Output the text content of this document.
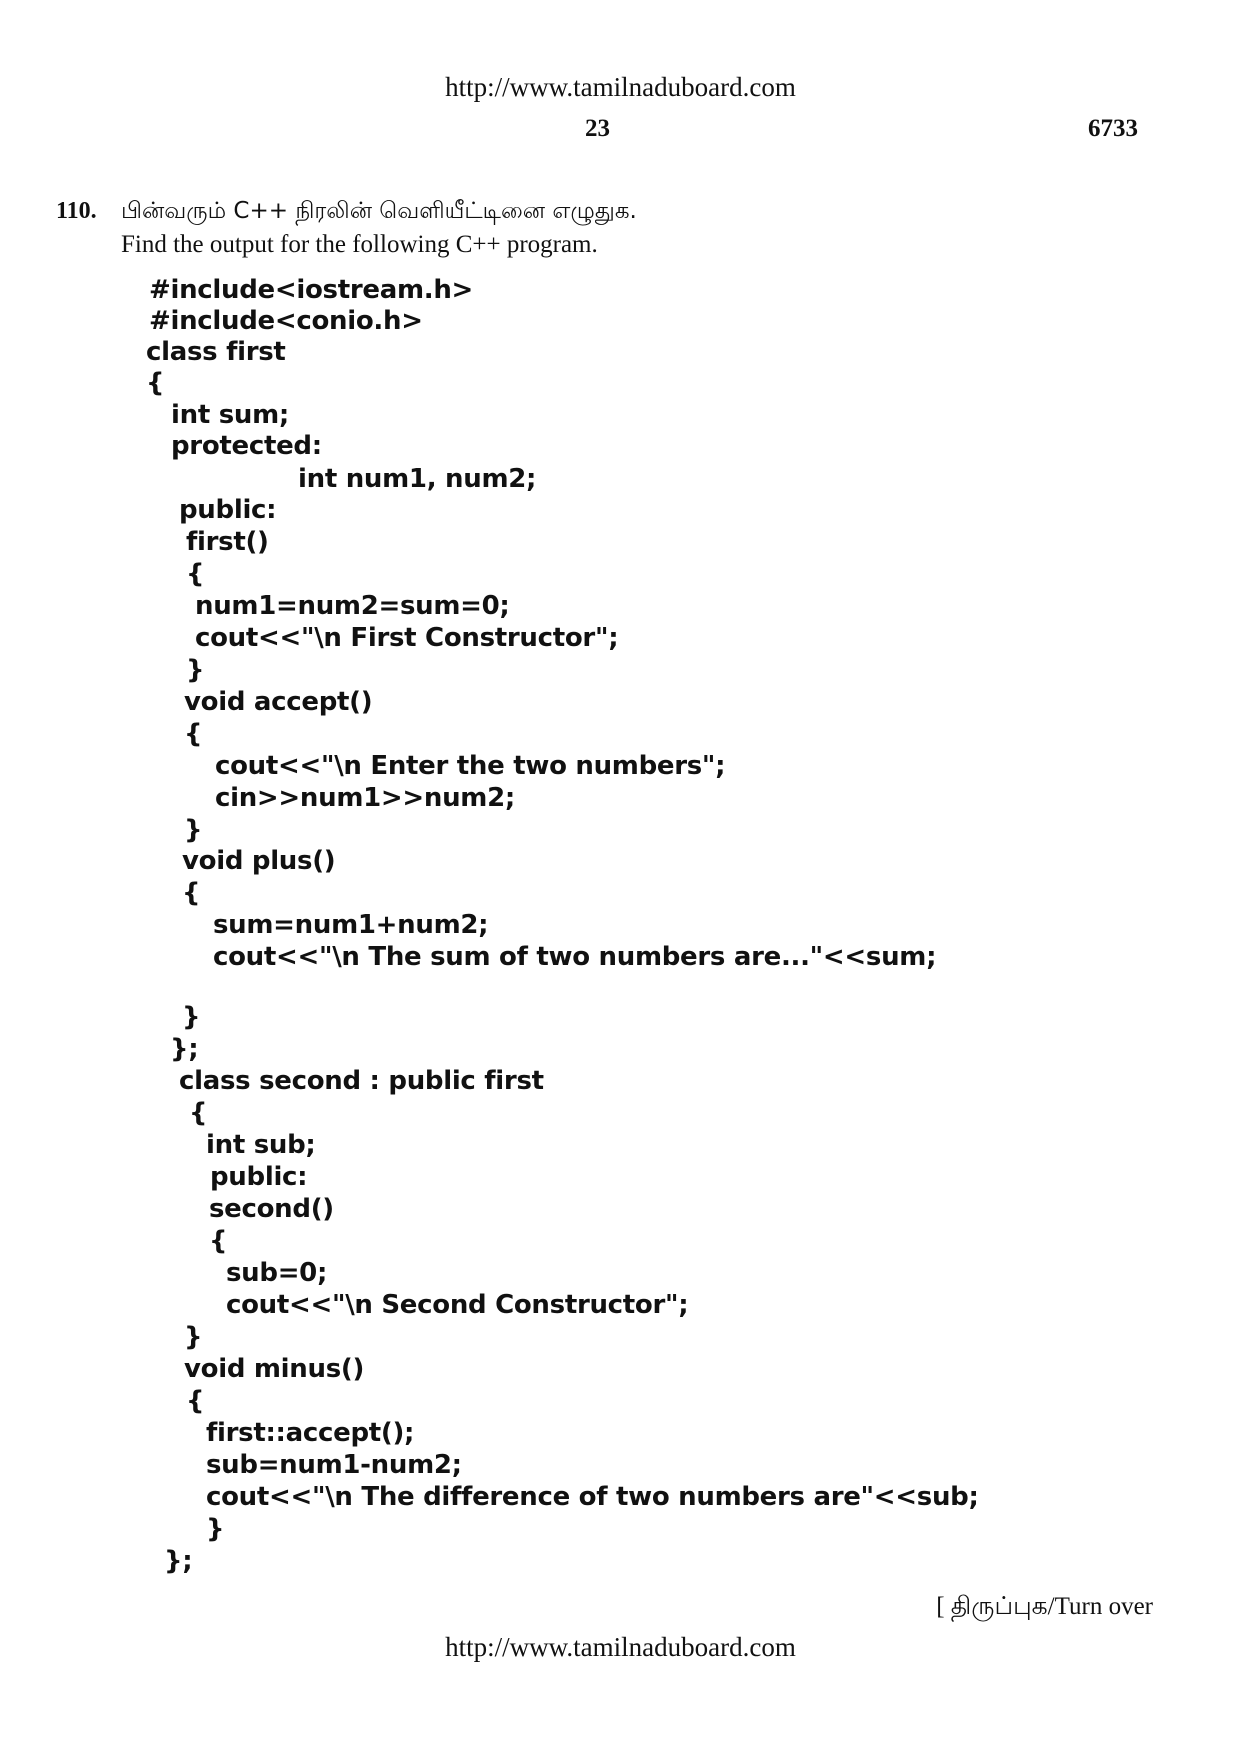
http://www.tamilnaduboard.com
23	6733
110. பின்வரும் C++ நிரலின் வெளியீட்டினை எழுதுக.
Find the output for the following C++ program.
#include<iostream.h>
#include<conio.h>
class first
{
int sum;
protected:
int num1, num2;
public:
first()
{
num1=num2=sum=0;
cout<<"\n First Constructor";
}
void accept()
{
cout<<"\n Enter the two numbers";
cin>>num1>>num2;
}
void plus()
{
sum=num1+num2;
cout<<"\n The sum of two numbers are..."<<sum;
}
};
class second : public first
{
int sub;
public:
second()
{
sub=0;
cout<<"\n Second Constructor";
}
void minus()
{
first::accept();
sub=num1-num2;
cout<<"\n The difference of two numbers are"<<sub;
}
};
[ திருப்புக/Turn over
http://www.tamilnaduboard.com
